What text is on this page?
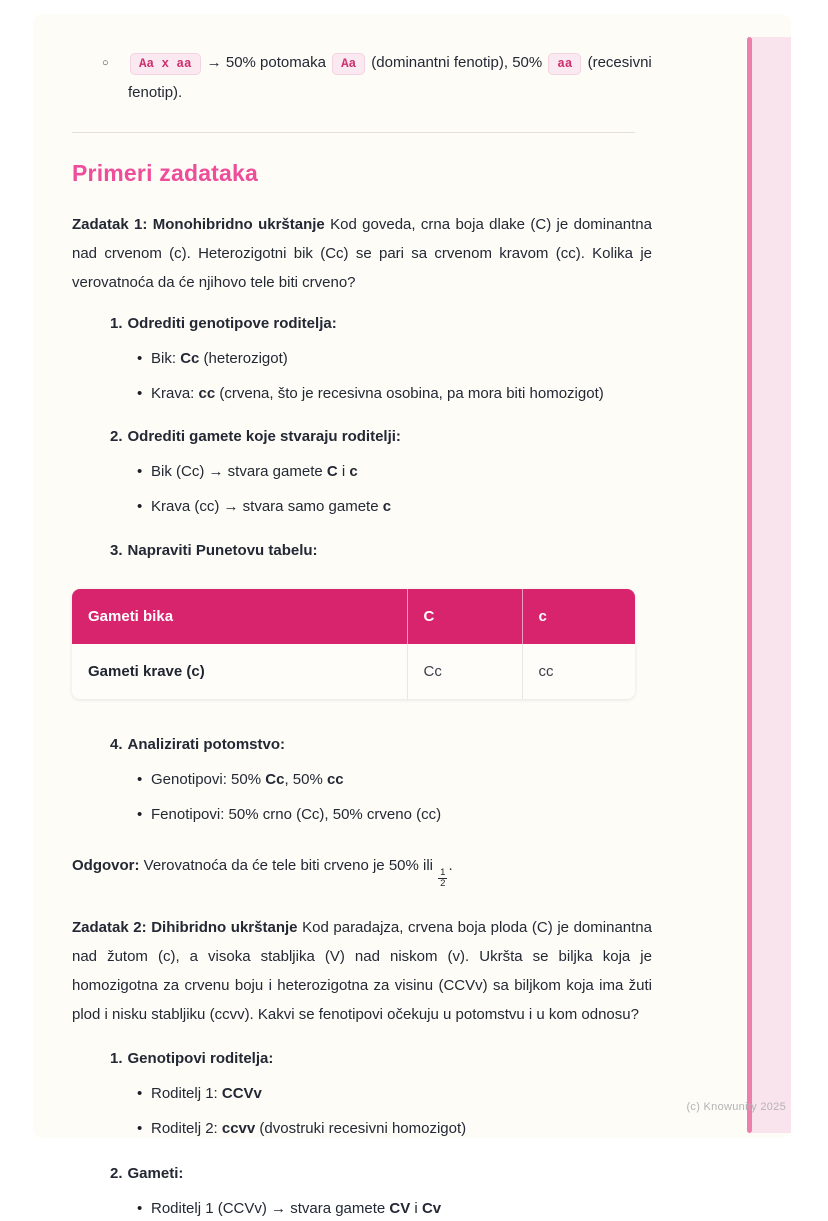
○	Aa x aa → 50% potomaka Aa (dominantni fenotip), 50% aa (recesivni fenotip).
Primeri zadataka

Zadatak 1: Monohibridno ukrštanje Kod goveda, crna boja dlake (C) je dominantna nad crvenom (c). Heterozigotni bik (Cc) se pari sa crvenom kravom (cc). Kolika je verovatnoća da će njihovo tele biti crveno?

1. Odrediti genotipove roditelja:
• Bik: Cc (heterozigot)
• Krava: cc (crvena, što je recesivna osobina, pa mora biti homozigot)
2. Odrediti gamete koje stvaraju roditelji:
• Bik (Cc) → stvara gamete C i c
• Krava (cc) → stvara samo gamete c
3. Napraviti Punetovu tabelu:
Gameti bika	C	c
Gameti krave (c)	Cc	cc
4. Analizirati potomstvo:
• Genotipovi: 50% Cc, 50% cc
• Fenotipovi: 50% crno (Cc), 50% crveno (cc)

Odgovor: Verovatnoća da će tele biti crveno je 50% ili
$\frac{1}{2}$
.

Zadatak 2: Dihibridno ukrštanje Kod paradajza, crvena boja ploda (C) je dominantna nad žutom (c), a visoka stabljika (V) nad niskom (v). Ukršta se biljka koja je homozigotna za crvenu boju i heterozigotna za visinu (CCVv) sa biljkom koja ima žuti plod i nisku stabljiku (ccvv). Kakvi se fenotipovi očekuju u potomstvu i u kom odnosu?

1. Genotipovi roditelja:
• Roditelj 1: CCVv
• Roditelj 2: ccvv (dvostruki recesivni homozigot)
2. Gameti:
• Roditelj 1 (CCVv) → stvara gamete CV i Cv
(c) Knowunity 2025
